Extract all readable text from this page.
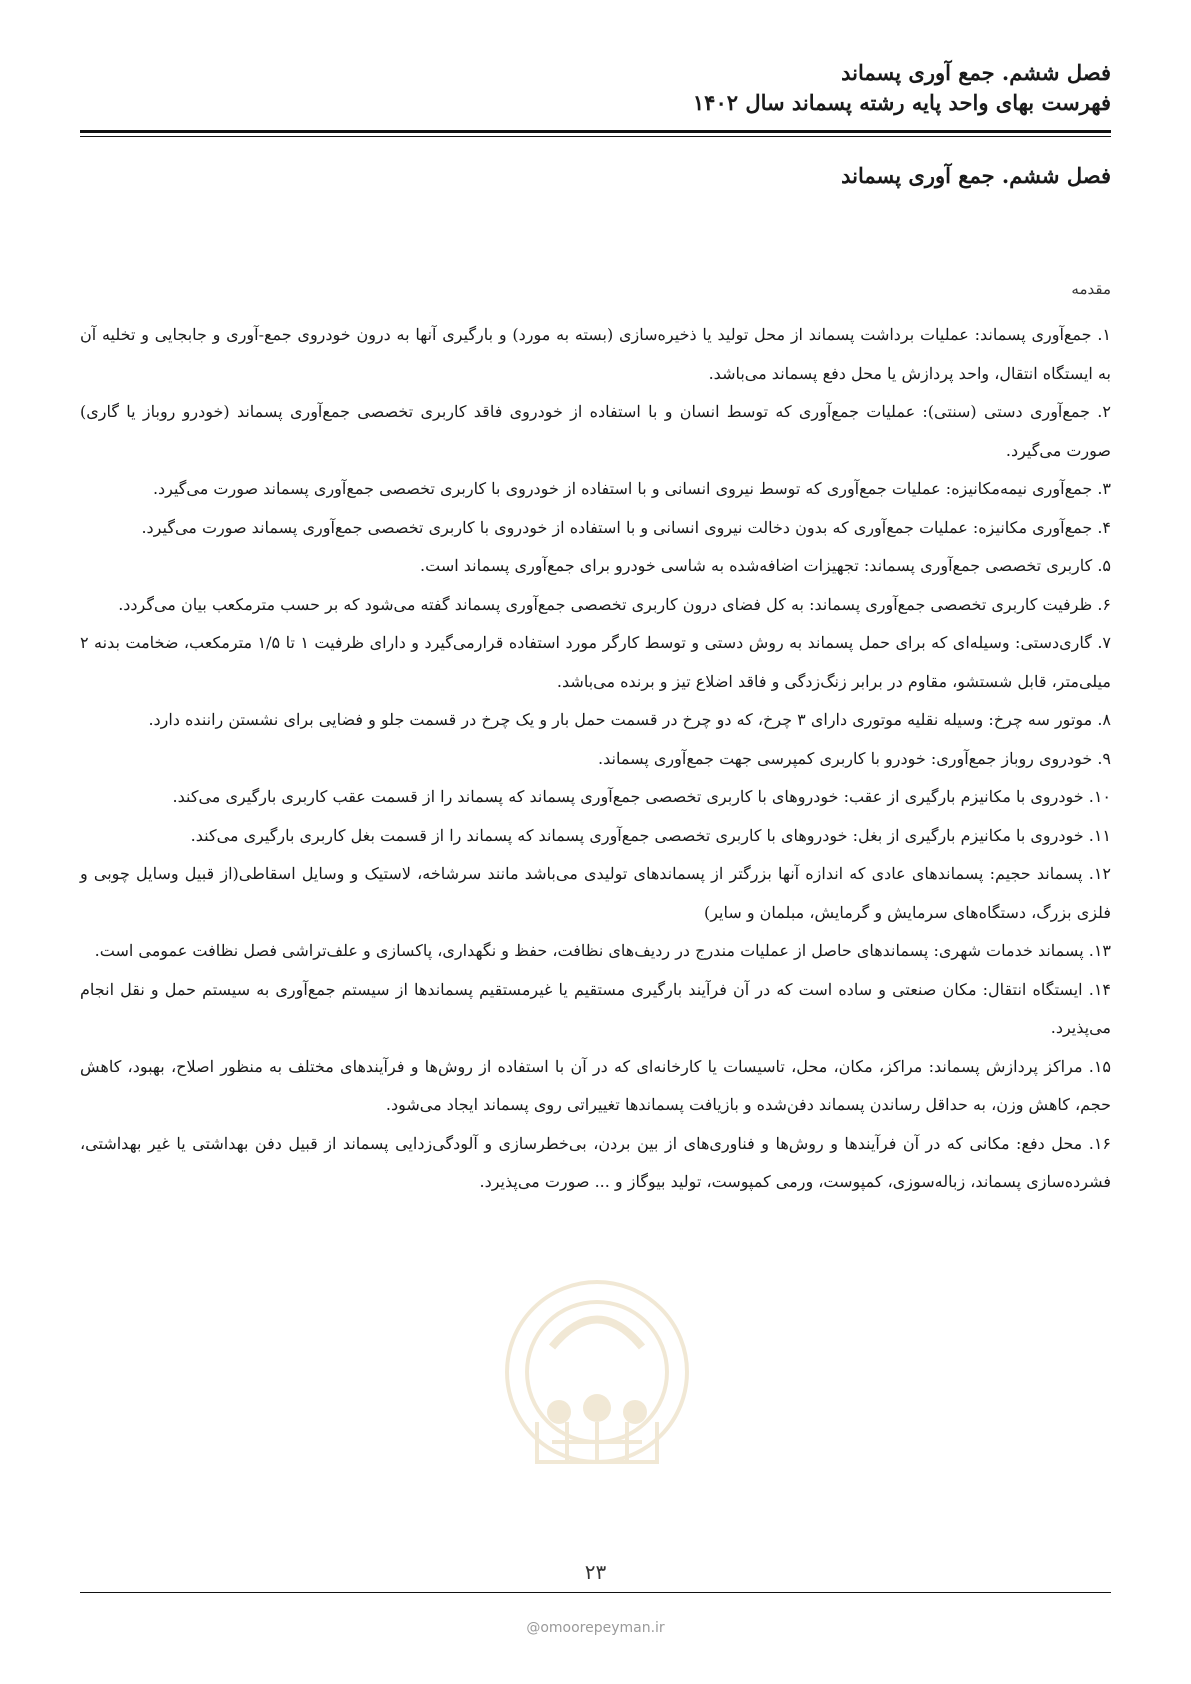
فصل ششم. جمع آوری پسماند
فهرست بهای واحد پایه رشته پسماند سال ۱۴۰۲
فصل ششم. جمع آوری پسماند
مقدمه

۱. جمع‌آوری پسماند: عملیات برداشت پسماند از محل تولید یا ذخیره‌سازی (بسته به مورد) و بارگیری آنها به درون خودروی جمع-آوری و جابجایی و تخلیه آن به ایستگاه انتقال، واحد پردازش یا محل دفع پسماند می‌باشد.

۲. جمع‌آوری دستی (سنتی): عملیات جمع‌آوری که توسط انسان و با استفاده از خودروی فاقد کاربری تخصصی جمع‌آوری پسماند (خودرو روباز یا گاری) صورت می‌گیرد.

۳. جمع‌آوری نیمه‌مکانیزه: عملیات جمع‌آوری که توسط نیروی انسانی و با استفاده از خودروی با کاربری تخصصی جمع‌آوری پسماند صورت می‌گیرد.

۴. جمع‌آوری مکانیزه: عملیات جمع‌آوری که بدون دخالت نیروی انسانی و با استفاده از خودروی با کاربری تخصصی جمع‌آوری پسماند صورت می‌گیرد.

۵. کاربری تخصصی جمع‌آوری پسماند: تجهیزات اضافه‌شده به شاسی خودرو برای جمع‌آوری پسماند است.

۶. ظرفیت کاربری تخصصی جمع‌آوری پسماند: به کل فضای درون کاربری تخصصی جمع‌آوری پسماند گفته می‌شود که بر حسب مترمکعب بیان می‌گردد.

۷. گاری‌دستی: وسیله‌ای که برای حمل پسماند به روش دستی و توسط کارگر مورد استفاده قرارمی‌گیرد و دارای ظرفیت ۱ تا ۱/۵ مترمکعب، ضخامت بدنه ۲ میلی‌متر، قابل شستشو، مقاوم در برابر زنگ‌زدگی و فاقد اضلاع تیز و برنده می‌باشد.

۸. موتور سه چرخ: وسیله نقلیه موتوری دارای ۳ چرخ، که دو چرخ در قسمت حمل بار و یک چرخ در قسمت جلو و فضایی برای نشستن راننده دارد.

۹. خودروی روباز جمع‌آوری: خودرو با کاربری کمپرسی جهت جمع‌آوری پسماند.

۱۰. خودروی با مکانیزم بارگیری از عقب: خودروهای با کاربری تخصصی جمع‌آوری پسماند که پسماند را از قسمت عقب کاربری بارگیری می‌کند.

۱۱. خودروی با مکانیزم بارگیری از بغل: خودروهای با کاربری تخصصی جمع‌آوری پسماند که پسماند را از قسمت بغل کاربری بارگیری می‌کند.

۱۲. پسماند حجیم: پسماندهای عادی که اندازه آنها بزرگتر از پسماندهای تولیدی می‌باشد مانند سرشاخه، لاستیک و وسایل اسقاطی(از قبیل وسایل چوبی و فلزی بزرگ، دستگاه‌های سرمایش و گرمایش، مبلمان و سایر)

۱۳. پسماند خدمات شهری: پسماندهای حاصل از عملیات مندرج در ردیف‌های نظافت، حفظ و نگهداری، پاکسازی و علف‌تراشی فصل نظافت عمومی است.

۱۴. ایستگاه انتقال: مکان صنعتی و ساده است که در آن فرآیند بارگیری مستقیم یا غیرمستقیم پسماندها از سیستم جمع‌آوری به سیستم حمل و نقل انجام می‌پذیرد.

۱۵. مراکز پردازش پسماند: مراکز، مکان، محل، تاسیسات یا کارخانه‌ای که در آن با استفاده از روش‌ها و فرآیندهای مختلف به منظور اصلاح، بهبود، کاهش حجم، کاهش وزن، به حداقل رساندن پسماند دفن‌شده و بازیافت پسماندها تغییراتی روی پسماند ایجاد می‌شود.

۱۶. محل دفع: مکانی که در آن فرآیندها و روش‌ها و فناوری‌های از بین بردن، بی‌خطرسازی و آلودگی‌زدایی پسماند از قبیل دفن بهداشتی یا غیر بهداشتی، فشرده‌سازی پسماند، زباله‌سوزی، کمپوست، ورمی کمپوست، تولید بیوگاز و ... صورت می‌پذیرد.

۲۳
@omoorepeyman.ir
